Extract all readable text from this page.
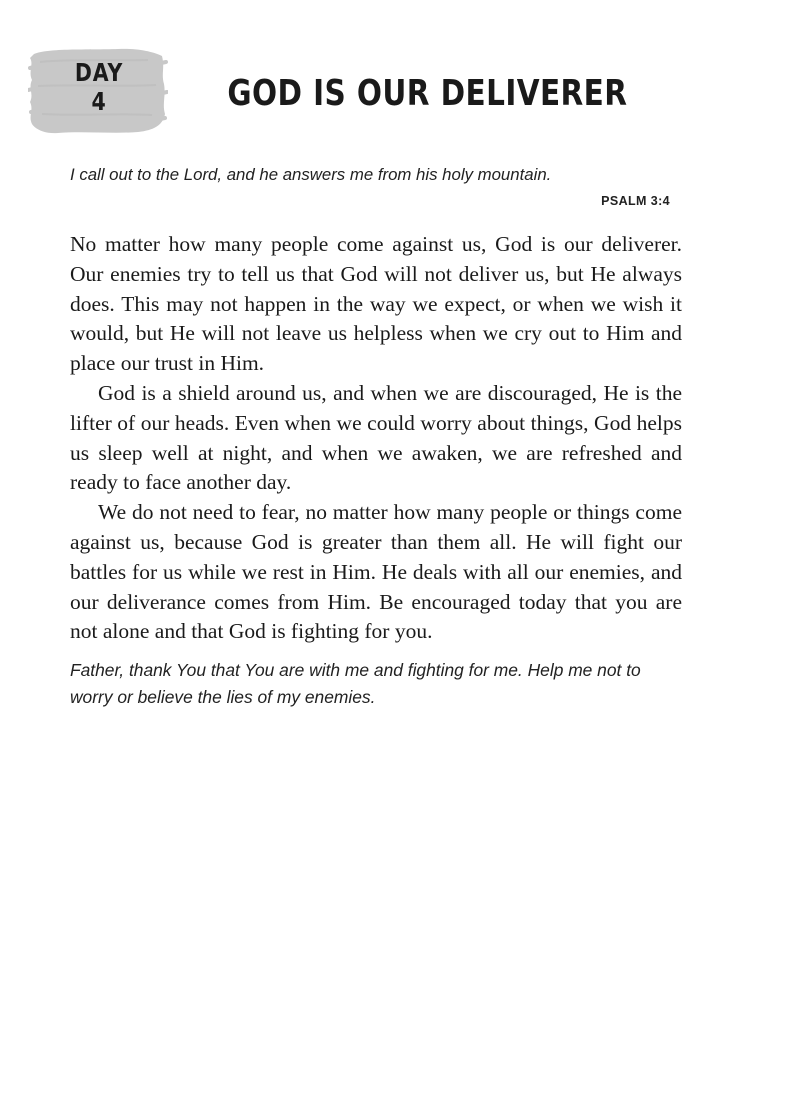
DAY
4	GOD IS OUR DELIVERER
I call out to the Lord, and he answers me from his holy mountain.
PSALM 3:4

No matter how many people come against us, God is our deliverer. Our enemies try to tell us that God will not deliver us, but He always does. This may not happen in the way we expect, or when we wish it would, but He will not leave us helpless when we cry out to Him and place our trust in Him.

God is a shield around us, and when we are discouraged, He is the lifter of our heads. Even when we could worry about things, God helps us sleep well at night, and when we awaken, we are refreshed and ready to face another day.

We do not need to fear, no matter how many people or things come against us, because God is greater than them all. He will fight our battles for us while we rest in Him. He deals with all our enemies, and our deliverance comes from Him. Be encouraged today that you are not alone and that God is fighting for you.

Father, thank You that You are with me and fighting for me. Help me not to worry or believe the lies of my enemies.
